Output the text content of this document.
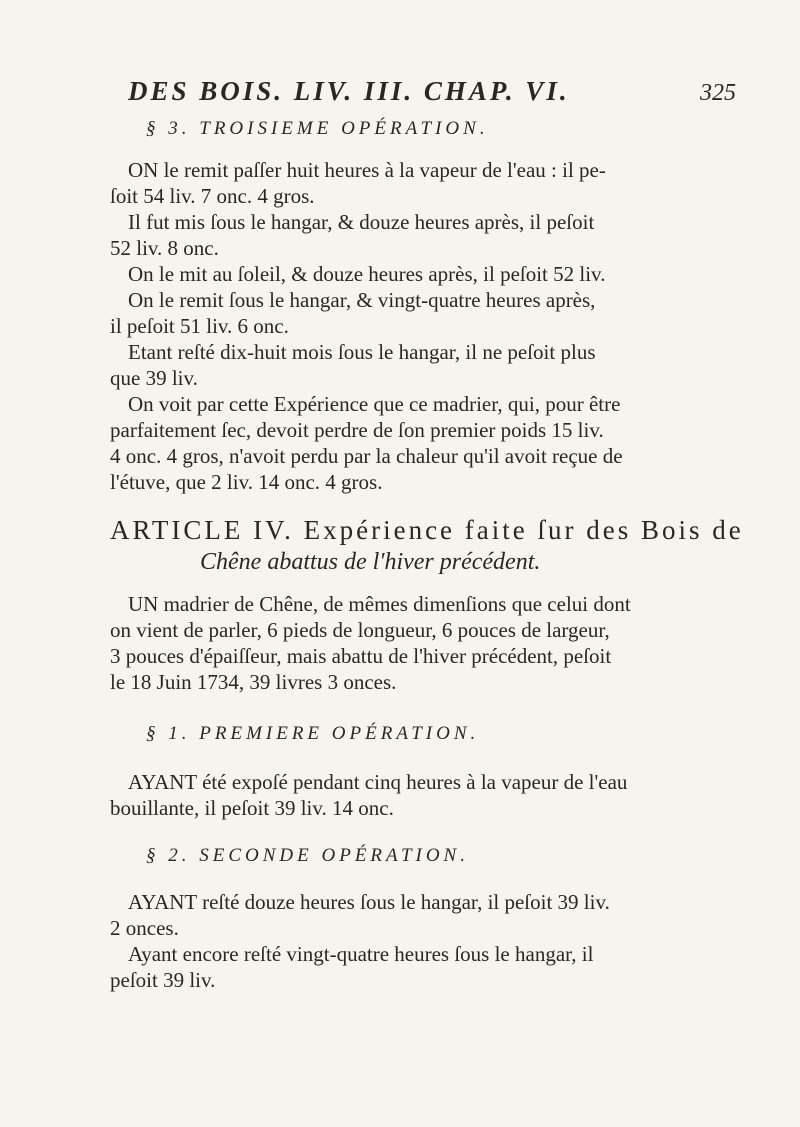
DES BOIS. LIV. III. CHAP. VI.	325
§ 3. TROISIEME OPÉRATION.
ON le remit paſſer huit heures à la vapeur de l'eau : il pe-
ſoit 54 liv. 7 onc. 4 gros.
Il fut mis ſous le hangar, & douze heures après, il peſoit
52 liv. 8 onc.
On le mit au ſoleil, & douze heures après, il peſoit 52 liv.
On le remit ſous le hangar, & vingt-quatre heures après,
il peſoit 51 liv. 6 onc.
Etant reſté dix-huit mois ſous le hangar, il ne peſoit plus
que 39 liv.
On voit par cette Expérience que ce madrier, qui, pour être
parfaitement ſec, devoit perdre de ſon premier poids 15 liv.
4 onc. 4 gros, n'avoit perdu par la chaleur qu'il avoit reçue de
l'étuve, que 2 liv. 14 onc. 4 gros.
ARTICLE IV. Expérience faite ſur des Bois de
Chêne abattus de l'hiver précédent.
UN madrier de Chêne, de mêmes dimenſions que celui dont
on vient de parler, 6 pieds de longueur, 6 pouces de largeur,
3 pouces d'épaiſſeur, mais abattu de l'hiver précédent, peſoit
le 18 Juin 1734, 39 livres 3 onces.
§ 1. PREMIERE OPÉRATION.
AYANT été expoſé pendant cinq heures à la vapeur de l'eau
bouillante, il peſoit 39 liv. 14 onc.
§ 2. SECONDE OPÉRATION.
AYANT reſté douze heures ſous le hangar, il peſoit 39 liv.
2 onces.
Ayant encore reſté vingt-quatre heures ſous le hangar, il
peſoit 39 liv.
